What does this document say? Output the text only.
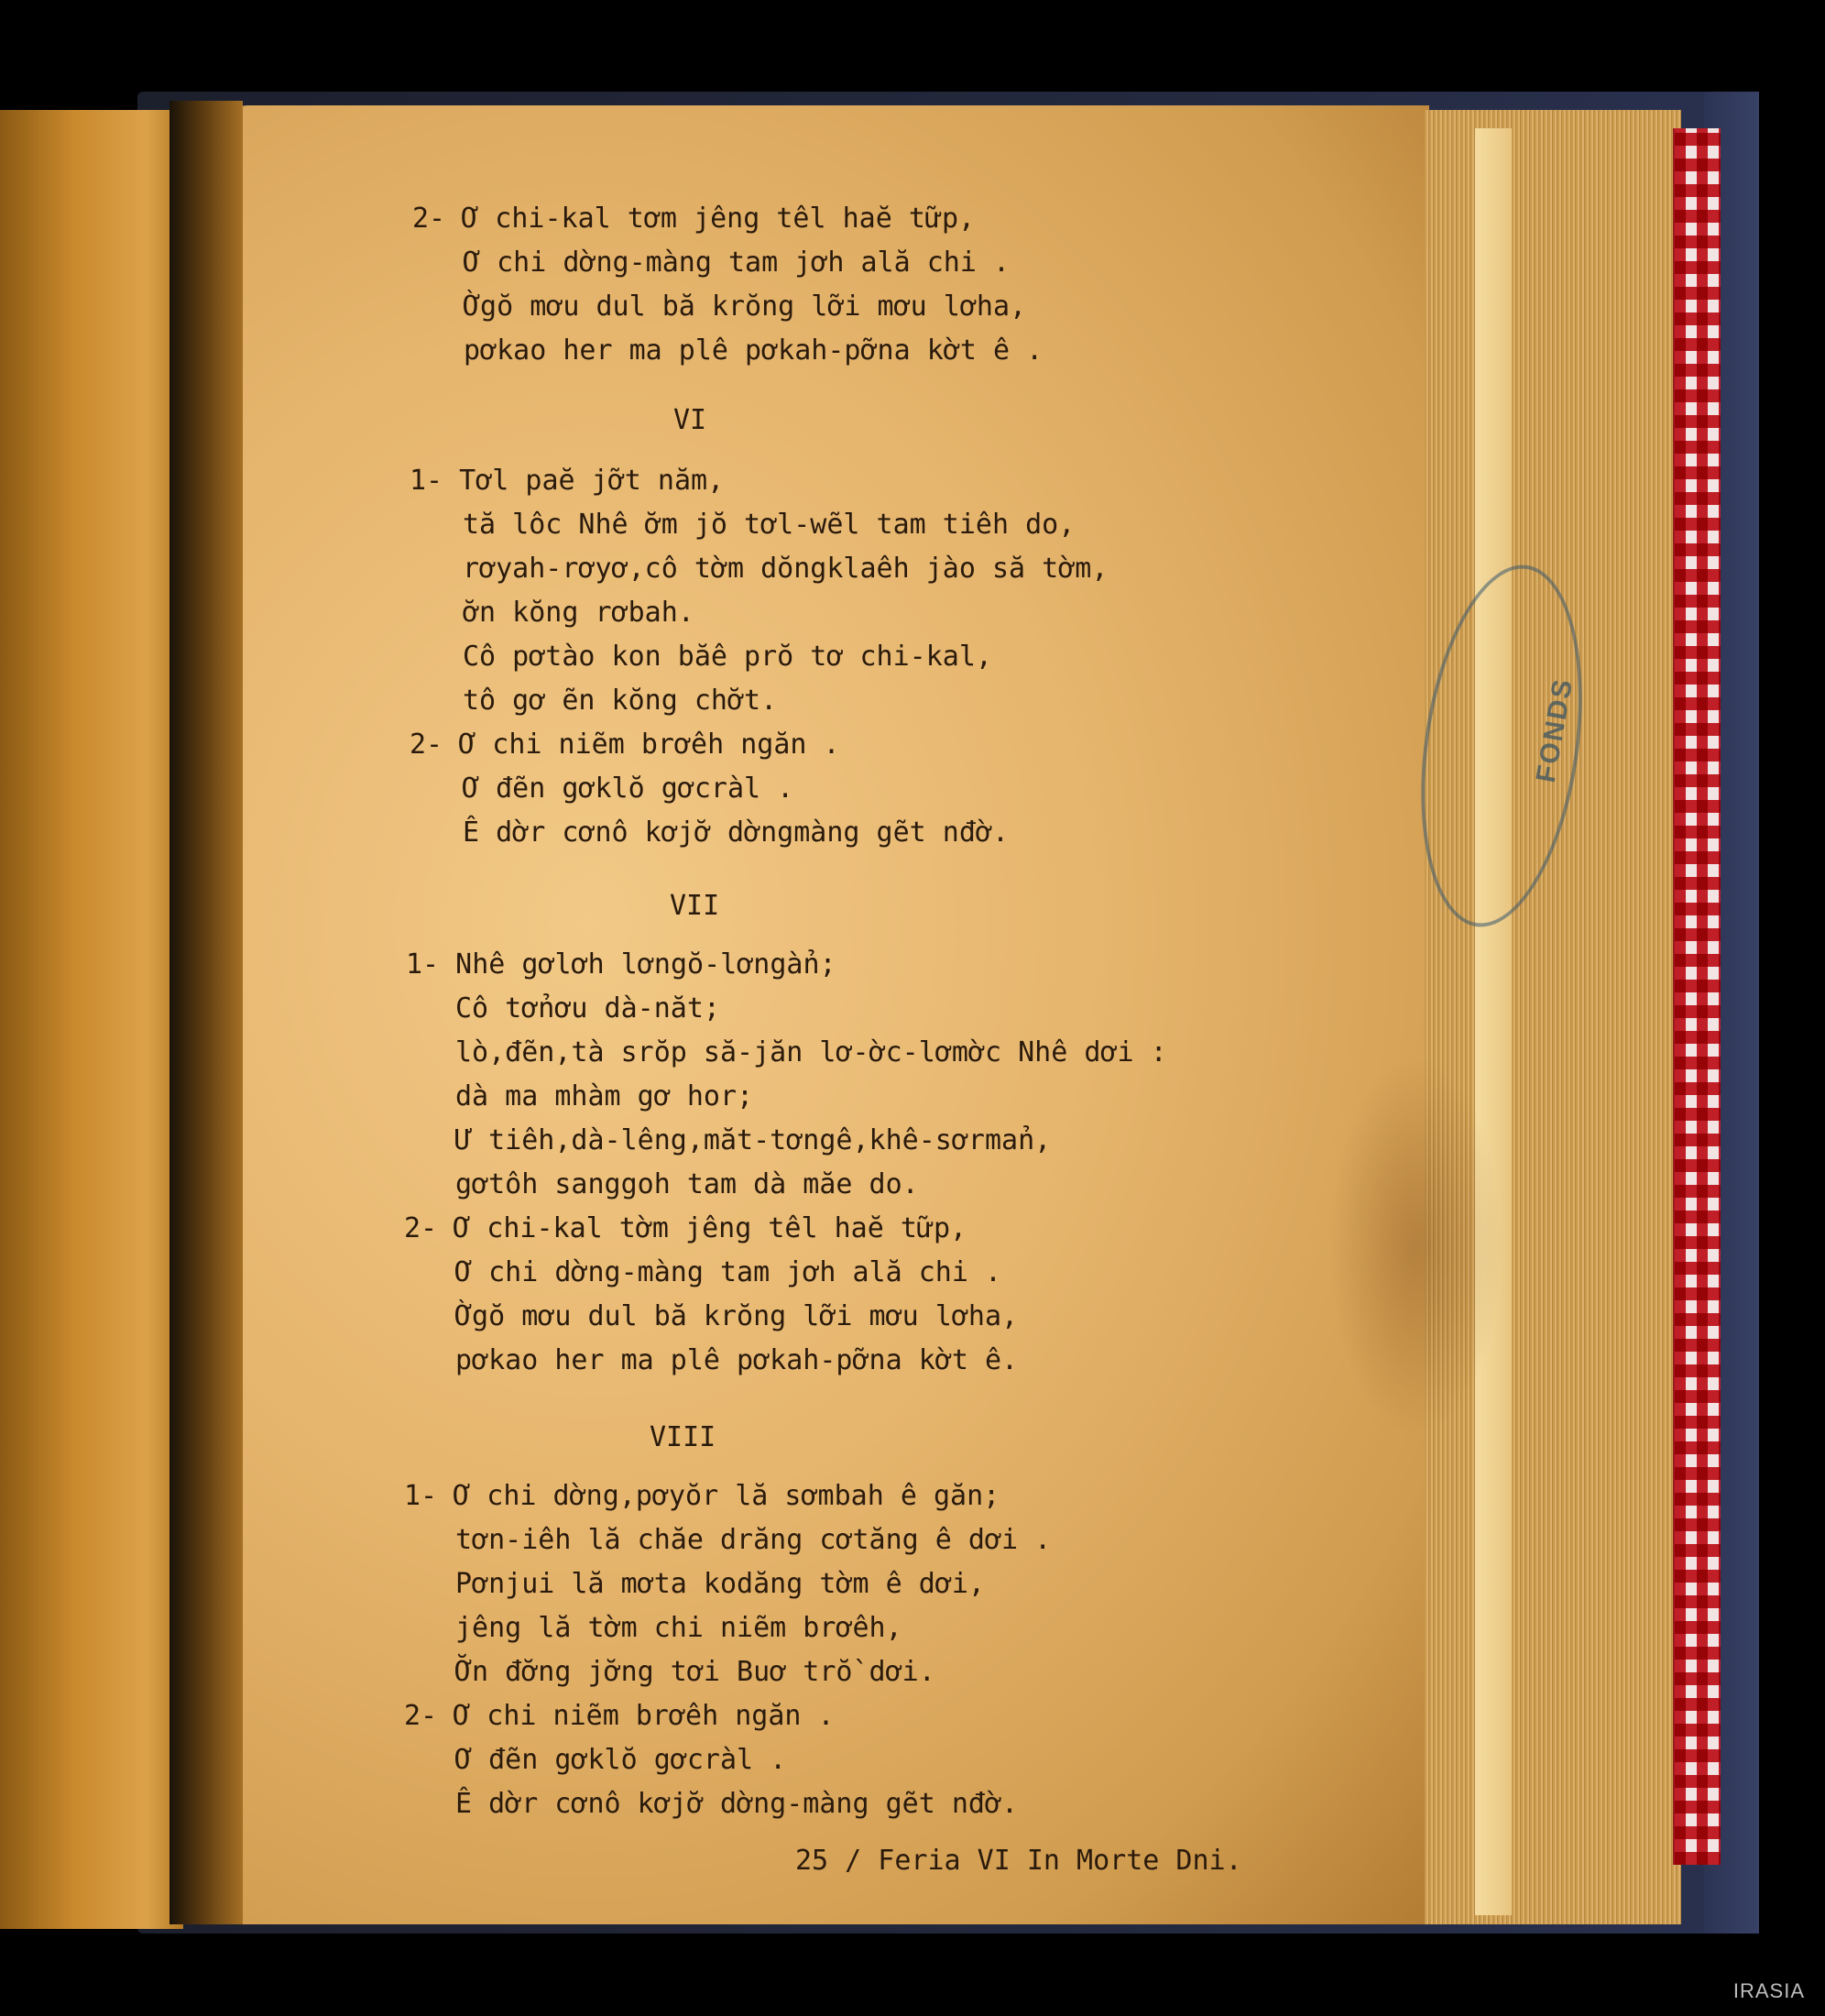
FONDS
2- Ơ chi-kal tơm jêng têl haĕ tữp,
Ơ chi dờng-màng tam jơh ală chi .
Ờgŏ mơu dul bă krŏng lỡi mơu lơha,
pơkao her ma plê pơkah-pỡna kờt ê .
VI
1- Tơl paĕ jỡt năm,
tă lôc Nhê ơ̆m jŏ tơl-wẽl tam tiêh do,
rơyah-rơyơ,cô tờm dŏngklaêh jào să tờm,
ơ̆n kŏng rơbah.
Cô pơtào kon băê prŏ tơ chi-kal,
tô gơ ẽn kŏng chơ̆t.
2- Ơ chi niẽm brơêh ngăn .
Ơ đẽn gơklŏ gơcràl .
Ê dờr cơnô kơjơ̆ dờngmàng gẽt nđờ.
VII
1- Nhê gơlơh lơngŏ-lơngàn̉;
Cô tơn̉ơu dà-năt;
lò,đẽn,tà srŏp să-jăn lơ-ờc-lơmờc Nhê dơi :
dà ma mhàm gơ hor;
Ư tiêh,dà-lêng,măt-tơngê,khê-sơrman̉,
gơtôh sanggoh tam dà măe do.
2- Ơ chi-kal tờm jêng têl haĕ tữp,
Ơ chi dờng-màng tam jơh ală chi .
Ờgŏ mơu dul bă krŏng lỡi mơu lơha,
pơkao her ma plê pơkah-pỡna kờt ê.
VIII
1- Ơ chi dờng,pơyŏr lă sơmbah ê găn;
tơn-iêh lă chăe drăng cơtăng ê dơi .
Pơnjui lă mơta kodăng tờm ê dơi,
jêng lă tờm chi niẽm brơêh,
Ơ̆n đơ̆ng jơ̆ng tơi Buơ trŏ̀ dơi.
2- Ơ chi niẽm brơêh ngăn .
Ơ đẽn gơklŏ gơcràl .
Ê dờr cơnô kơjơ̆ dờng-màng gẽt nđờ.
25 / Feria VI In Morte Dni.
IRASIA
